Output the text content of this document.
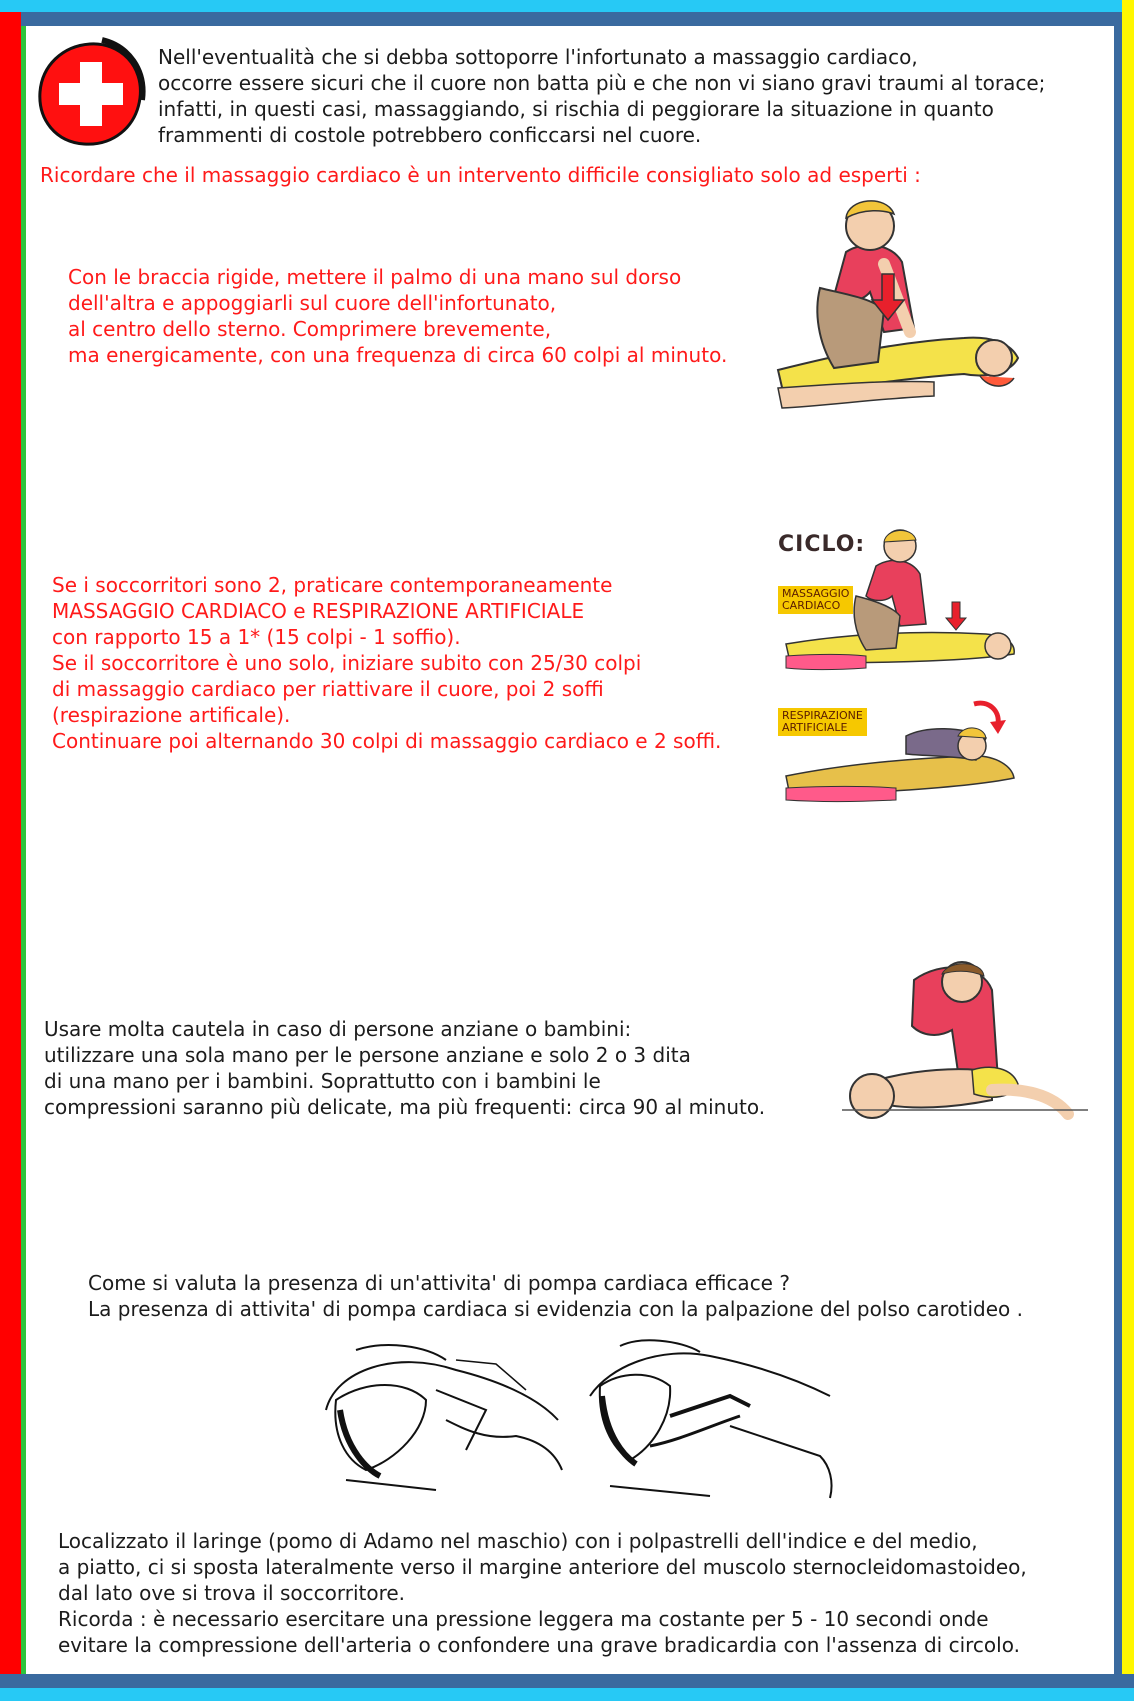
Nell'eventualità che si debba sottoporre l'infortunato a massaggio cardiaco,
occorre essere sicuri che il cuore non batta più e che non vi siano gravi traumi al torace;
infatti, in questi casi, massaggiando, si rischia di peggiorare la situazione in quanto
frammenti di costole potrebbero conficcarsi nel cuore.

Ricordare che il massaggio cardiaco è un intervento difficile consigliato solo ad esperti :

Con le braccia rigide, mettere il palmo di una mano sul dorso
dell'altra e appoggiarli sul cuore dell'infortunato,
al centro dello sterno. Comprimere brevemente,
ma energicamente, con una frequenza di circa 60 colpi al minuto.

Se i soccorritori sono 2, praticare contemporaneamente
MASSAGGIO CARDIACO e RESPIRAZIONE ARTIFICIALE
con rapporto 15 a 1* (15 colpi - 1 soffio).
Se il soccorritore è uno solo, iniziare subito con 25/30 colpi
di massaggio cardiaco per riattivare il cuore, poi 2 soffi
(respirazione artificale).
Continuare poi alternando 30 colpi di massaggio cardiaco e 2 soffi.

CICLO:
MASSAGGIO
CARDIACO
RESPIRAZIONE
ARTIFICIALE

Usare molta cautela in caso di persone anziane o bambini:
utilizzare una sola mano per le persone anziane e solo 2 o 3 dita
di una mano per i bambini. Soprattutto con i bambini le
compressioni saranno più delicate, ma più frequenti: circa 90 al minuto.

Come si valuta la presenza di un'attivita' di pompa cardiaca efficace ?
La presenza di attivita' di pompa cardiaca si evidenzia con la palpazione del polso carotideo .

Localizzato il laringe (pomo di Adamo nel maschio) con i polpastrelli dell'indice e del medio,
a piatto, ci si sposta lateralmente verso il margine anteriore del muscolo sternocleidomastoideo,
dal lato ove si trova il soccorritore.
Ricorda : è necessario esercitare una pressione leggera ma costante per 5 - 10 secondi onde
evitare la compressione dell'arteria o confondere una grave bradicardia con l'assenza di circolo.
